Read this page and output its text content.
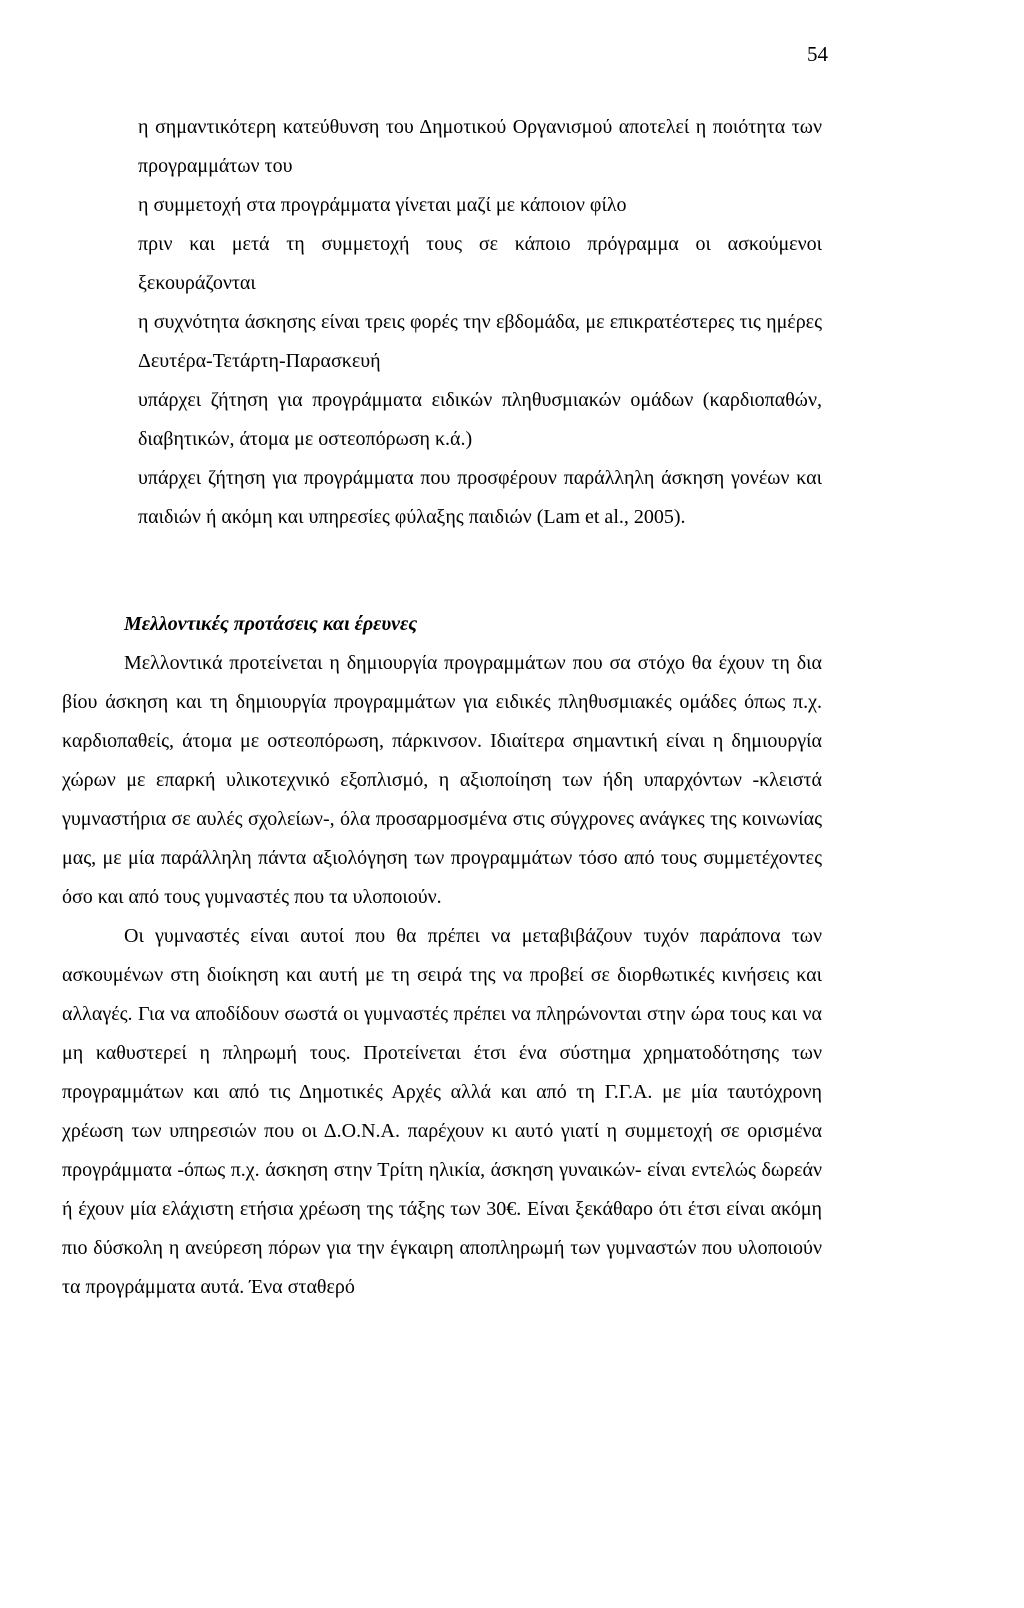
54
η σημαντικότερη κατεύθυνση του Δημοτικού Οργανισμού αποτελεί η ποιότητα των προγραμμάτων του
η συμμετοχή στα προγράμματα γίνεται μαζί με κάποιον φίλο
πριν και μετά τη συμμετοχή τους σε κάποιο πρόγραμμα οι ασκούμενοι ξεκουράζονται
η συχνότητα άσκησης είναι τρεις φορές την εβδομάδα, με επικρατέστερες τις ημέρες Δευτέρα-Τετάρτη-Παρασκευή
υπάρχει ζήτηση για προγράμματα ειδικών πληθυσμιακών ομάδων (καρδιοπαθών, διαβητικών, άτομα με οστεοπόρωση κ.ά.)
υπάρχει ζήτηση για προγράμματα που προσφέρουν παράλληλη άσκηση γονέων και παιδιών ή ακόμη και υπηρεσίες φύλαξης παιδιών (Lam et al., 2005).
Μελλοντικές προτάσεις και έρευνες

Μελλοντικά προτείνεται η δημιουργία προγραμμάτων που σα στόχο θα έχουν τη δια βίου άσκηση και τη δημιουργία προγραμμάτων για ειδικές πληθυσμιακές ομάδες όπως π.χ. καρδιοπαθείς, άτομα με οστεοπόρωση, πάρκινσον. Ιδιαίτερα σημαντική είναι η δημιουργία χώρων με επαρκή υλικοτεχνικό εξοπλισμό, η αξιοποίηση των ήδη υπαρχόντων -κλειστά γυμναστήρια σε αυλές σχολείων-, όλα προσαρμοσμένα στις σύγχρονες ανάγκες της κοινωνίας μας, με μία παράλληλη πάντα αξιολόγηση των προγραμμάτων τόσο από τους συμμετέχοντες όσο και από τους γυμναστές που τα υλοποιούν.

Οι γυμναστές είναι αυτοί που θα πρέπει να μεταβιβάζουν τυχόν παράπονα των ασκουμένων στη διοίκηση και αυτή με τη σειρά της να προβεί σε διορθωτικές κινήσεις και αλλαγές. Για να αποδίδουν σωστά οι γυμναστές πρέπει να πληρώνονται στην ώρα τους και να μη καθυστερεί η πληρωμή τους. Προτείνεται έτσι ένα σύστημα χρηματοδότησης των προγραμμάτων και από τις Δημοτικές Αρχές αλλά και από τη Γ.Γ.Α. με μία ταυτόχρονη χρέωση των υπηρεσιών που οι Δ.Ο.Ν.Α. παρέχουν κι αυτό γιατί η συμμετοχή σε ορισμένα προγράμματα -όπως π.χ. άσκηση στην Τρίτη ηλικία, άσκηση γυναικών- είναι εντελώς δωρεάν ή έχουν μία ελάχιστη ετήσια χρέωση της τάξης των 30€. Είναι ξεκάθαρο ότι έτσι είναι ακόμη πιο δύσκολη η ανεύρεση πόρων για την έγκαιρη αποπληρωμή των γυμναστών που υλοποιούν τα προγράμματα αυτά. Ένα σταθερό
